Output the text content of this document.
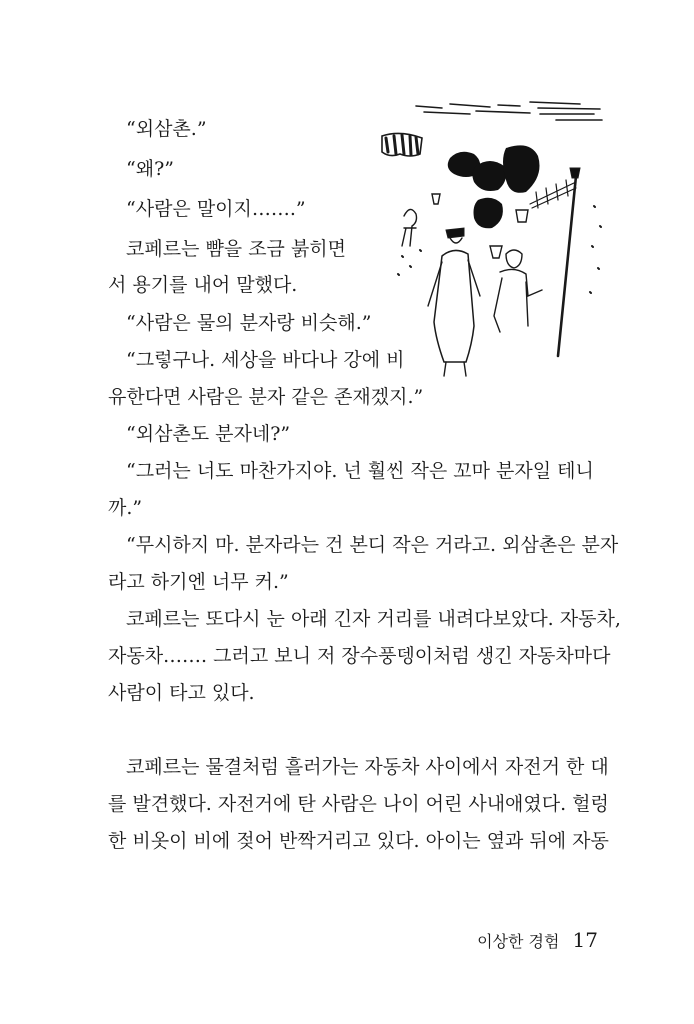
“외삼촌.”
“왜?”
“사람은 말이지…….”
코페르는 뺨을 조금 붉히면
서 용기를 내어 말했다.
“사람은 물의 분자랑 비슷해.”
“그렇구나. 세상을 바다나 강에 비
유한다면 사람은 분자 같은 존재겠지.”
“외삼촌도 분자네?”
“그러는 너도 마찬가지야. 넌 훨씬 작은 꼬마 분자일 테니
까.”
“무시하지 마. 분자라는 건 본디 작은 거라고. 외삼촌은 분자
라고 하기엔 너무 커.”
코페르는 또다시 눈 아래 긴자 거리를 내려다보았다. 자동차,
자동차……. 그러고 보니 저 장수풍뎅이처럼 생긴 자동차마다
사람이 타고 있다.
코페르는 물결처럼 흘러가는 자동차 사이에서 자전거 한 대
를 발견했다. 자전거에 탄 사람은 나이 어린 사내애였다. 헐렁
한 비옷이 비에 젖어 반짝거리고 있다. 아이는 옆과 뒤에 자동
이상한 경험 17
